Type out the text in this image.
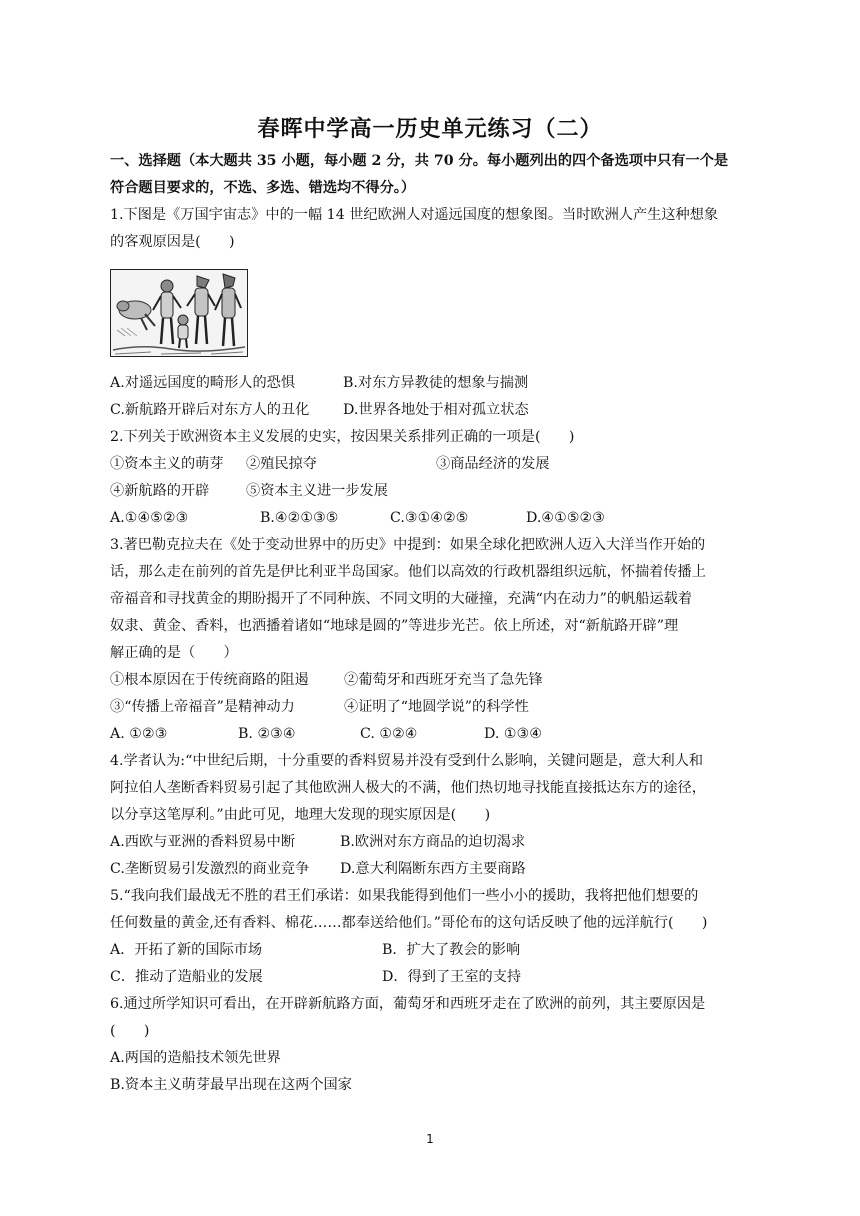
春晖中学高一历史单元练习（二）
一、选择题（本大题共 35 小题，每小题 2 分，共 70 分。每小题列出的四个备选项中只有一个是
符合题目要求的，不选、多选、错选均不得分。）
1.下图是《万国宇宙志》中的一幅 14 世纪欧洲人对遥远国度的想象图。当时欧洲人产生这种想象
的客观原因是(　　)
A.对遥远国度的畸形人的恐惧	B.对东方异教徒的想象与揣测
C.新航路开辟后对东方人的丑化 D.世界各地处于相对孤立状态
2.下列关于欧洲资本主义发展的史实，按因果关系排列正确的一项是(　　)
①资本主义的萌芽 ②殖民掠夺	③商品经济的发展
④新航路的开辟	⑤资本主义进一步发展
A.①④⑤②③	B.④②①③⑤	C.③①④②⑤	D.④①⑤②③
3.著巴勒克拉夫在《处于变动世界中的历史》中提到：如果全球化把欧洲人迈入大洋当作开始的
话，那么走在前列的首先是伊比利亚半岛国家。他们以高效的行政机器组织远航，怀揣着传播上
帝福音和寻找黄金的期盼揭开了不同种族、不同文明的大碰撞，充满“内在动力”的帆船运载着
奴隶、黄金、香料，也洒播着诸如“地球是圆的”等进步光芒。依上所述，对“新航路开辟”理
解正确的是（　　）
①根本原因在于传统商路的阻遏 ②葡萄牙和西班牙充当了急先锋
③“传播上帝福音”是精神动力	④证明了“地圆学说”的科学性
A. ①②③	B. ②③④	C. ①②④	D. ①③④
4.学者认为:“中世纪后期，十分重要的香料贸易并没有受到什么影响，关键问题是，意大利人和
阿拉伯人垄断香料贸易引起了其他欧洲人极大的不满，他们热切地寻找能直接抵达东方的途径，
以分享这笔厚利。”由此可见，地理大发现的现实原因是(　　)
A.西欧与亚洲的香料贸易中断	B.欧洲对东方商品的迫切渴求
C.垄断贸易引发激烈的商业竞争 D.意大利隔断东西方主要商路
5.“我向我们最战无不胜的君王们承诺：如果我能得到他们一些小小的援助，我将把他们想要的
任何数量的黄金,还有香料、棉花……都奉送给他们。”哥伦布的这句话反映了他的远洋航行(　　)
A．开拓了新的国际市场	B．扩大了教会的影响
C．推动了造船业的发展	D．得到了王室的支持
6.通过所学知识可看出，在开辟新航路方面，葡萄牙和西班牙走在了欧洲的前列，其主要原因是
(　　)
A.两国的造船技术领先世界
B.资本主义萌芽最早出现在这两个国家
1
